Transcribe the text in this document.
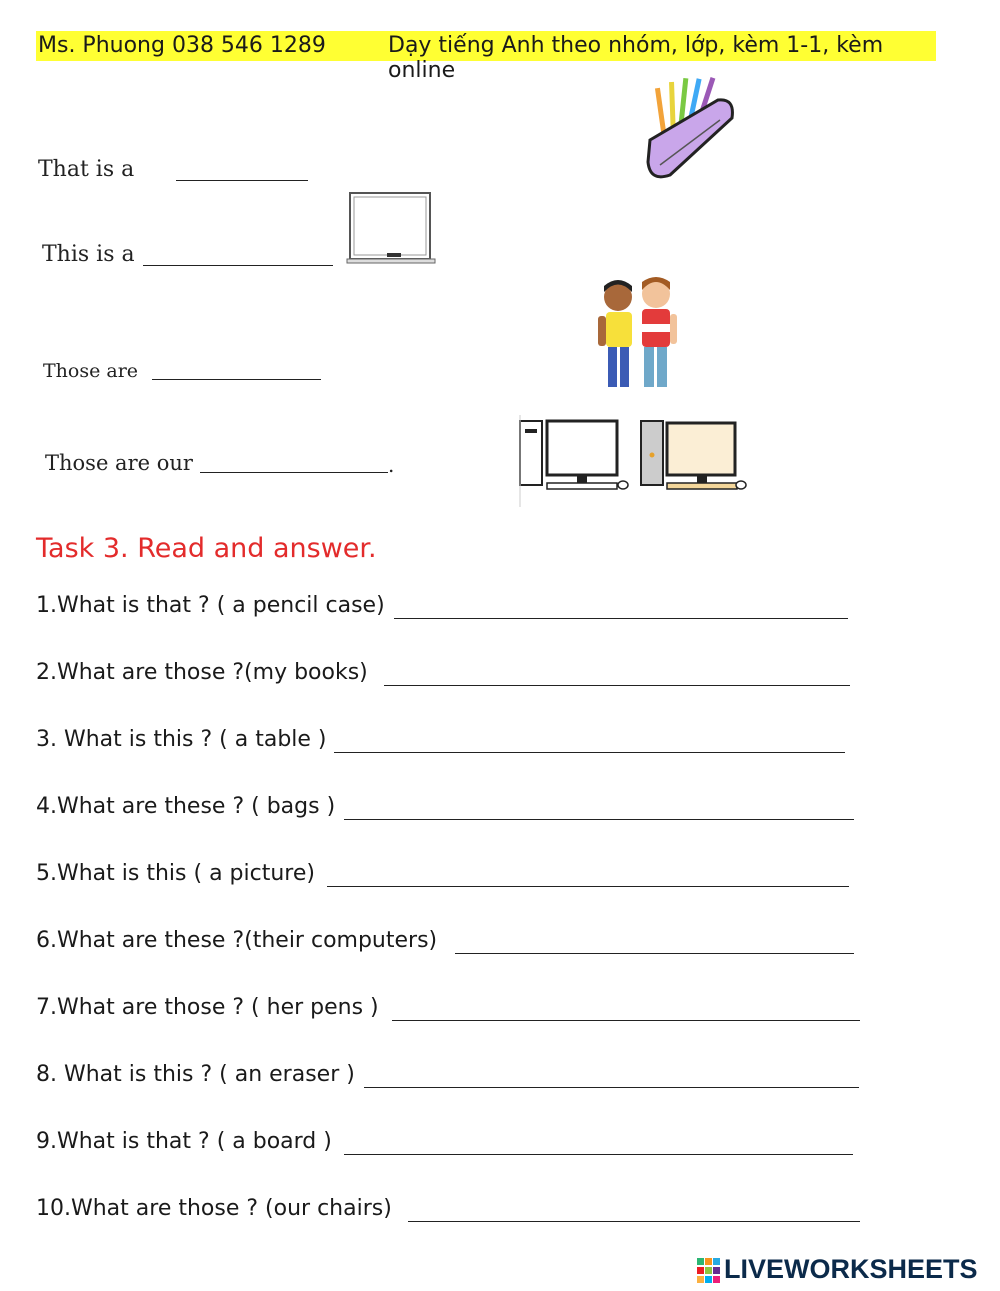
Ms. Phuong 038 546 1289	Dạy tiếng Anh theo nhóm, lớp, kèm 1-1, kèm online
That is a
This is a
Those are
Those are our	.
Task 3. Read and answer.
1.What is that ? ( a pencil case)
2.What are those ?(my books)
3. What is this ? ( a table )
4.What are these ? ( bags )
5.What is this ( a picture)
6.What are these ?(their computers)
7.What are those ? ( her pens )
8. What is this ? ( an eraser )
9.What is that ? ( a board )
10.What are those ? (our chairs)
LIVEWORKSHEETS
